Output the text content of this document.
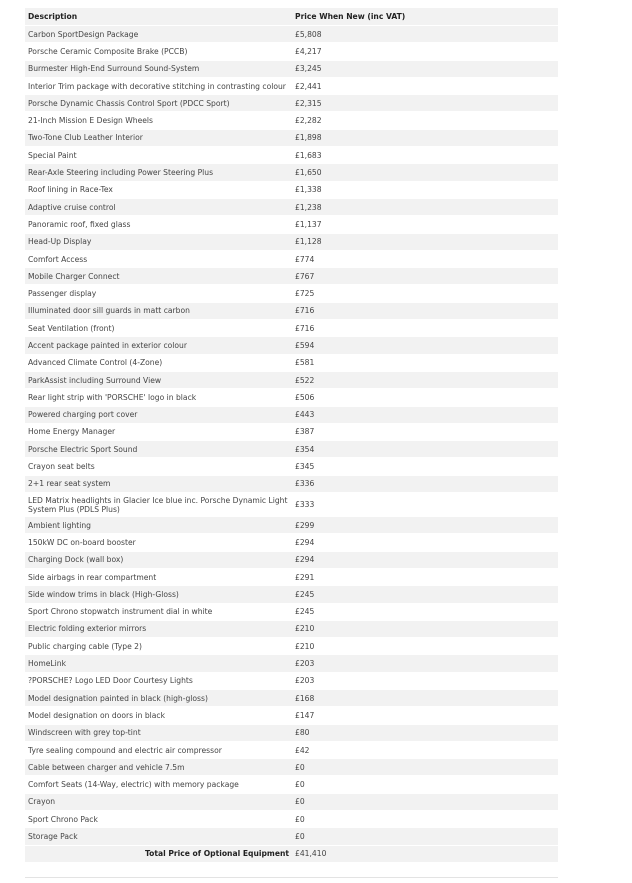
Description	Price When New (inc VAT)
Carbon SportDesign Package	£5,808
Porsche Ceramic Composite Brake (PCCB)	£4,217
Burmester High-End Surround Sound-System	£3,245
Interior Trim package with decorative stitching in contrasting colour	£2,441
Porsche Dynamic Chassis Control Sport (PDCC Sport)	£2,315
21-Inch Mission E Design Wheels	£2,282
Two-Tone Club Leather Interior	£1,898
Special Paint	£1,683
Rear-Axle Steering including Power Steering Plus	£1,650
Roof lining in Race-Tex	£1,338
Adaptive cruise control	£1,238
Panoramic roof, fixed glass	£1,137
Head-Up Display	£1,128
Comfort Access	£774
Mobile Charger Connect	£767
Passenger display	£725
Illuminated door sill guards in matt carbon	£716
Seat Ventilation (front)	£716
Accent package painted in exterior colour	£594
Advanced Climate Control (4-Zone)	£581
ParkAssist including Surround View	£522
Rear light strip with 'PORSCHE' logo in black	£506
Powered charging port cover	£443
Home Energy Manager	£387
Porsche Electric Sport Sound	£354
Crayon seat belts	£345
2+1 rear seat system	£336
LED Matrix headlights in Glacier Ice blue inc. Porsche Dynamic Light System Plus (PDLS Plus)	£333
Ambient lighting	£299
150kW DC on-board booster	£294
Charging Dock (wall box)	£294
Side airbags in rear compartment	£291
Side window trims in black (High-Gloss)	£245
Sport Chrono stopwatch instrument dial in white	£245
Electric folding exterior mirrors	£210
Public charging cable (Type 2)	£210
HomeLink	£203
?PORSCHE? Logo LED Door Courtesy Lights	£203
Model designation painted in black (high-gloss)	£168
Model designation on doors in black	£147
Windscreen with grey top-tint	£80
Tyre sealing compound and electric air compressor	£42
Cable between charger and vehicle 7.5m	£0
Comfort Seats (14-Way, electric) with memory package	£0
Crayon	£0
Sport Chrono Pack	£0
Storage Pack	£0
Total Price of Optional Equipment	£41,410
